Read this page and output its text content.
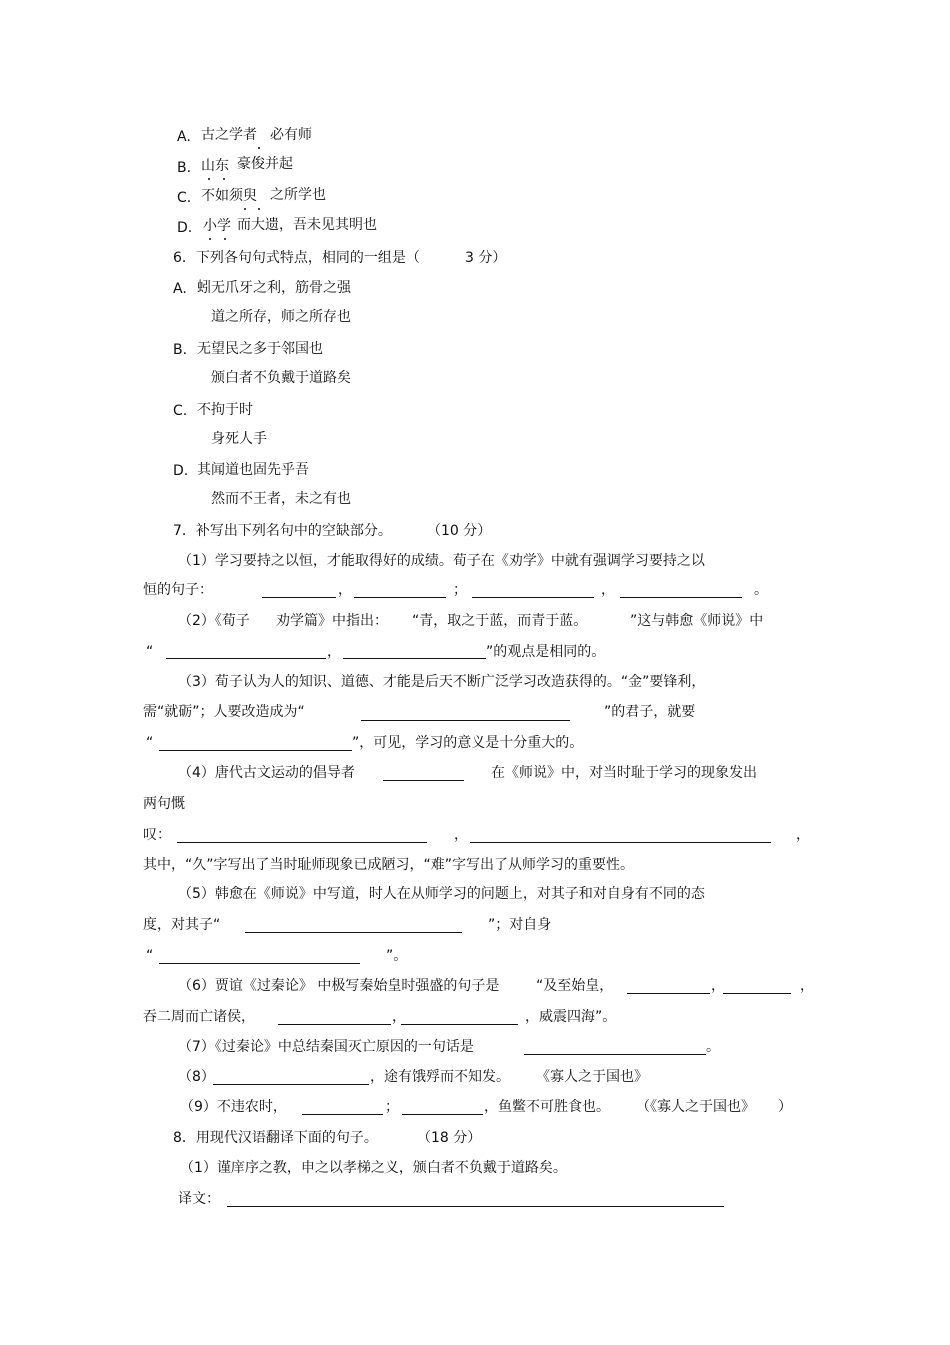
A. 古之学者 必有师
B. 山东 豪俊并起
C. 不如须臾 之所学也
D. 小学 而大遗，吾未见其明也
6．下列各句句式特点，相同的一组是（	3 分）
A. 蚓无爪牙之利，筋骨之强
道之所存，师之所存也
B. 无望民之多于邻国也
颁白者不负戴于道路矣
C. 不拘于时
身死人手
D. 其闻道也固先乎吾
然而不王者，未之有也
7．补写出下列名句中的空缺部分。	（10 分）
（1）学习要持之以恒，才能取得好的成绩。荀子在《劝学》中就有强调学习要持之以
恒的句子：	，	；	，	。
（2）《荀子 劝学篇》中指出： “青，取之于蓝，而青于蓝。	”这与韩愈《师说》中
“	，	”的观点是相同的。
（3）荀子认为人的知识、道德、才能是后天不断广泛学习改造获得的。“金”要锋利，
需“就砺”；人要改造成为“	”的君子，就要
“	”，可见，学习的意义是十分重大的。
（4）唐代古文运动的倡导者	在《师说》中，对当时耻于学习的现象发出
两句慨
叹：	，	，
其中，“久”字写出了当时耻师现象已成陋习，“难”字写出了从师学习的重要性。
（5）韩愈在《师说》中写道，时人在从师学习的问题上，对其子和对自身有不同的态
度，对其子“	”；对自身
“	”。
（6）贾谊《过秦论》 中极写秦始皇时强盛的句子是	“及至始皇，	，	，
吞二周而亡诸侯，	，	，威震四海”。
（7）《过秦论》中总结秦国灭亡原因的一句话是	。
（8）	，途有饿殍而不知发。 《寡人之于国也》
（9）不违农时，	；	，鱼鳖不可胜食也。 （《寡人之于国也》 ）
8．用现代汉语翻译下面的句子。	（18 分）
（1）谨庠序之教，申之以孝梯之义，颁白者不负戴于道路矣。
译文：
